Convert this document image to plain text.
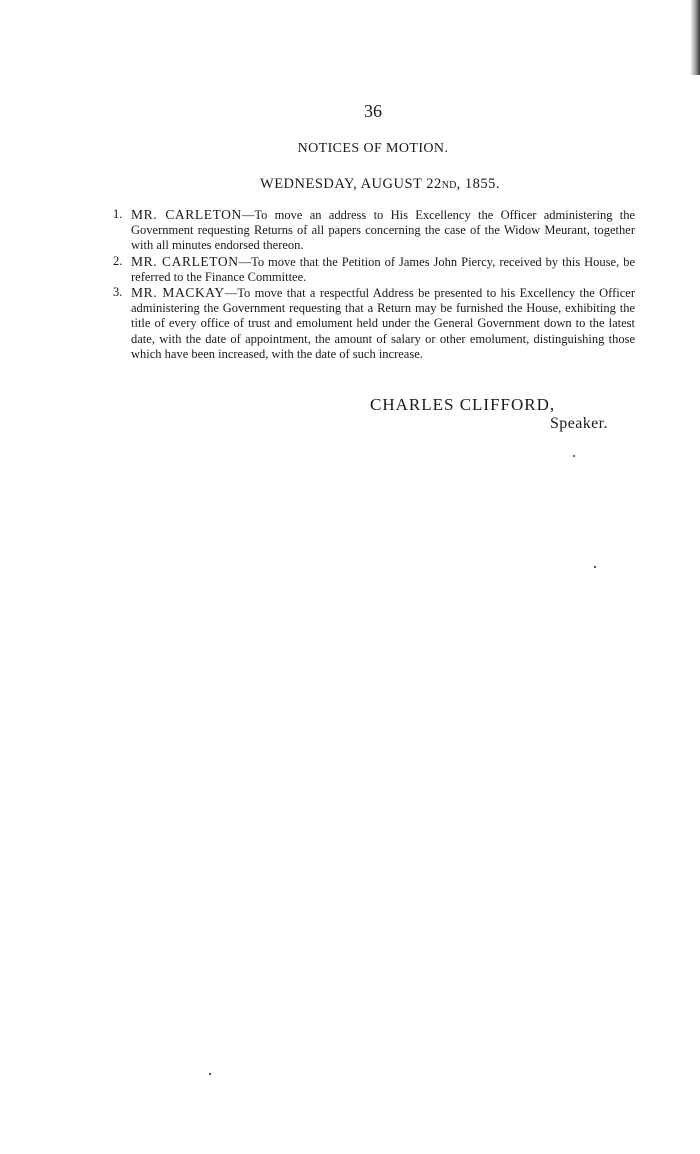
36
NOTICES OF MOTION.
WEDNESDAY, AUGUST 22ND, 1855.
1. MR. CARLETON—To move an address to His Excellency the Officer administering the Government requesting Returns of all papers concerning the case of the Widow Meurant, together with all minutes endorsed thereon.
2. MR. CARLETON—To move that the Petition of James John Piercy, received by this House, be referred to the Finance Committee.
3. MR. MACKAY—To move that a respectful Address be presented to his Excellency the Officer administering the Government requesting that a Return may be furnished the House, exhibiting the title of every office of trust and emolument held under the General Government down to the latest date, with the date of appointment, the amount of salary or other emolument, distinguishing those which have been increased, with the date of such increase.
CHARLES CLIFFORD,
Speaker.
